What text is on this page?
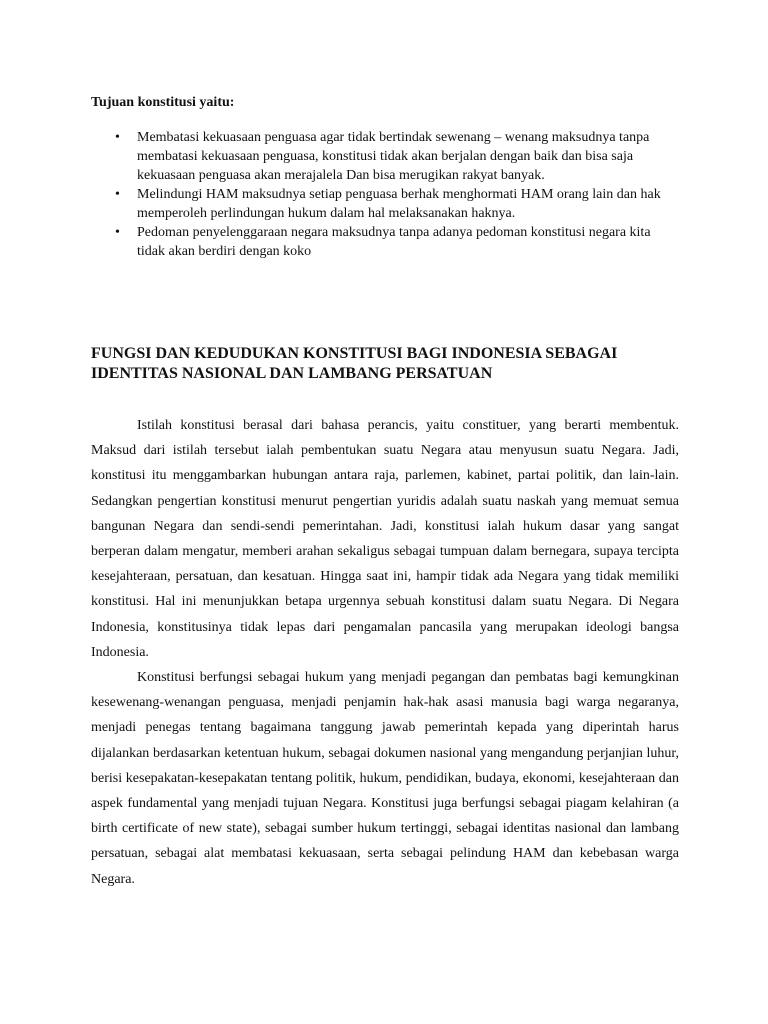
Tujuan konstitusi yaitu:

• Membatasi kekuasaan penguasa agar tidak bertindak sewenang – wenang maksudnya tanpa membatasi kekuasaan penguasa, konstitusi tidak akan berjalan dengan baik dan bisa saja kekuasaan penguasa akan merajalela Dan bisa merugikan rakyat banyak.
• Melindungi HAM maksudnya setiap penguasa berhak menghormati HAM orang lain dan hak memperoleh perlindungan hukum dalam hal melaksanakan haknya.
• Pedoman penyelenggaraan negara maksudnya tanpa adanya pedoman konstitusi negara kita tidak akan berdiri dengan koko
FUNGSI DAN KEDUDUKAN KONSTITUSI BAGI INDONESIA SEBAGAI IDENTITAS NASIONAL DAN LAMBANG PERSATUAN

Istilah konstitusi berasal dari bahasa perancis, yaitu constituer, yang berarti membentuk. Maksud dari istilah tersebut ialah pembentukan suatu Negara atau menyusun suatu Negara. Jadi, konstitusi itu menggambarkan hubungan antara raja, parlemen, kabinet, partai politik, dan lain-lain. Sedangkan pengertian konstitusi menurut pengertian yuridis adalah suatu naskah yang memuat semua bangunan Negara dan sendi-sendi pemerintahan. Jadi, konstitusi ialah hukum dasar yang sangat berperan dalam mengatur, memberi arahan sekaligus sebagai tumpuan dalam bernegara, supaya tercipta kesejahteraan, persatuan, dan kesatuan. Hingga saat ini, hampir tidak ada Negara yang tidak memiliki konstitusi. Hal ini menunjukkan betapa urgennya sebuah konstitusi dalam suatu Negara. Di Negara Indonesia, konstitusinya tidak lepas dari pengamalan pancasila yang merupakan ideologi bangsa Indonesia.

Konstitusi berfungsi sebagai hukum yang menjadi pegangan dan pembatas bagi kemungkinan kesewenang-wenangan penguasa, menjadi penjamin hak-hak asasi manusia bagi warga negaranya, menjadi penegas tentang bagaimana tanggung jawab pemerintah kepada yang diperintah harus dijalankan berdasarkan ketentuan hukum, sebagai dokumen nasional yang mengandung perjanjian luhur, berisi kesepakatan-kesepakatan tentang politik, hukum, pendidikan, budaya, ekonomi, kesejahteraan dan aspek fundamental yang menjadi tujuan Negara. Konstitusi juga berfungsi sebagai piagam kelahiran (a birth certificate of new state), sebagai sumber hukum tertinggi, sebagai identitas nasional dan lambang persatuan, sebagai alat membatasi kekuasaan, serta sebagai pelindung HAM dan kebebasan warga Negara.
